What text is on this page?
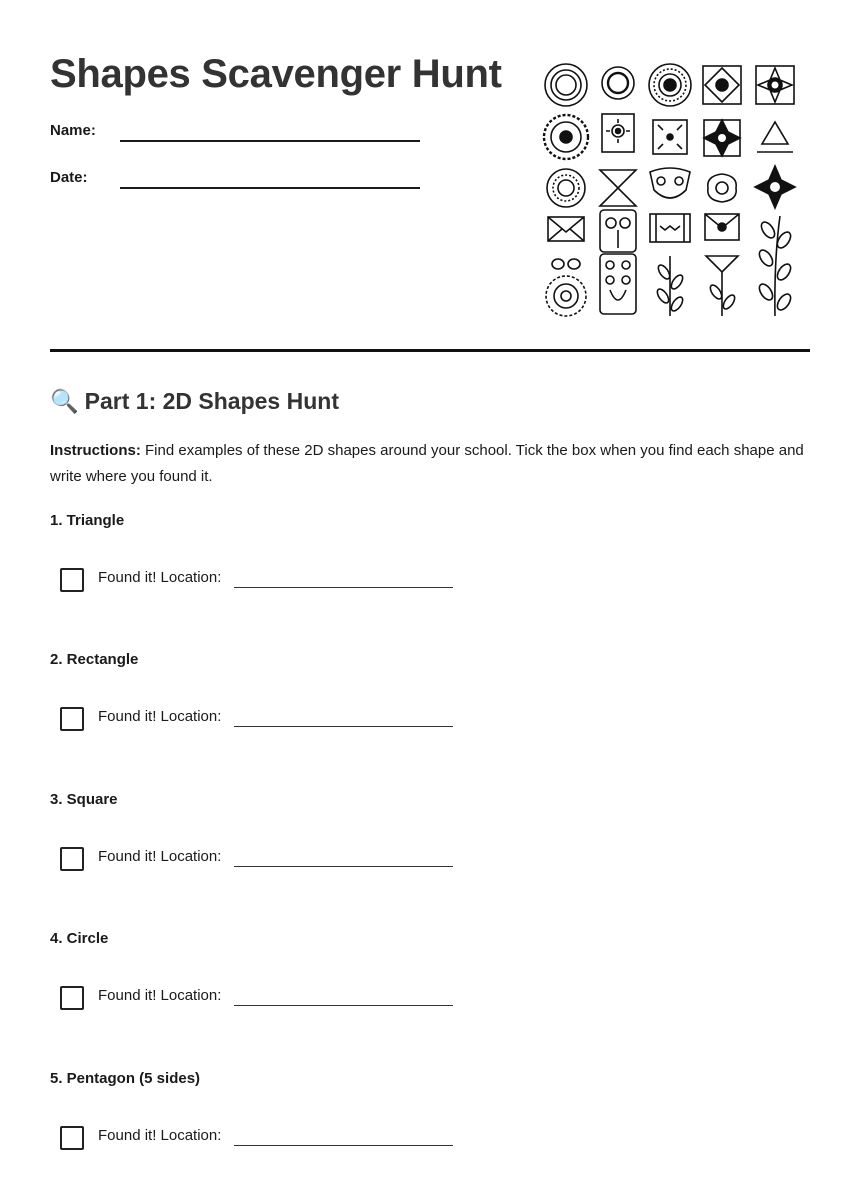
Shapes Scavenger Hunt
Name:
Date:
🔍 Part 1: 2D Shapes Hunt

Instructions: Find examples of these 2D shapes around your school. Tick the box when you find each shape and write where you found it.

1. Triangle
Found it! Location:
2. Rectangle
Found it! Location:
3. Square
Found it! Location:
4. Circle
Found it! Location:
5. Pentagon (5 sides)
Found it! Location:
